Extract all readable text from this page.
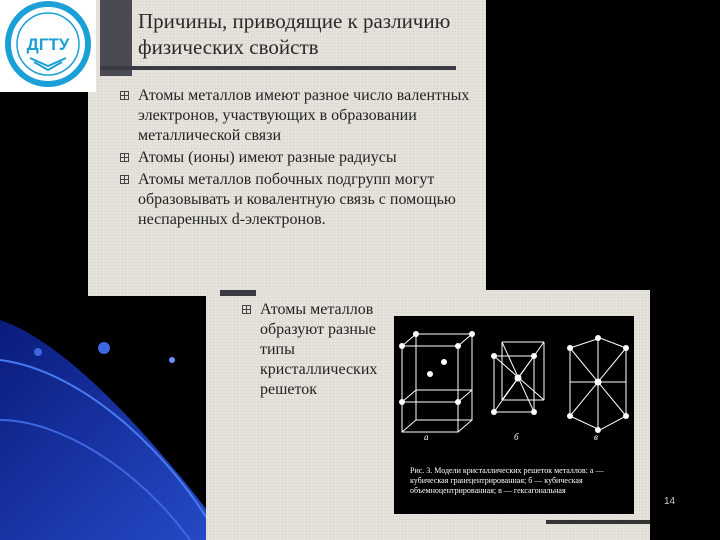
Причины, приводящие к различию физических свойств
Атомы металлов имеют разное число валентных электронов, участвующих в образовании металлической связи
Атомы (ионы) имеют разные радиусы
Атомы металлов побочных подгрупп могут образовывать и ковалентную связь с помощью неспаренных d-электронов.
ДГТУ
Атомы металлов образуют разные типы кристаллических решеток
а	б	в
Рис. 3. Модели кристаллических решеток металлов: а — кубическая гранецентрированная; б — кубическая объемноцентрированная; в — гексагональная
14
